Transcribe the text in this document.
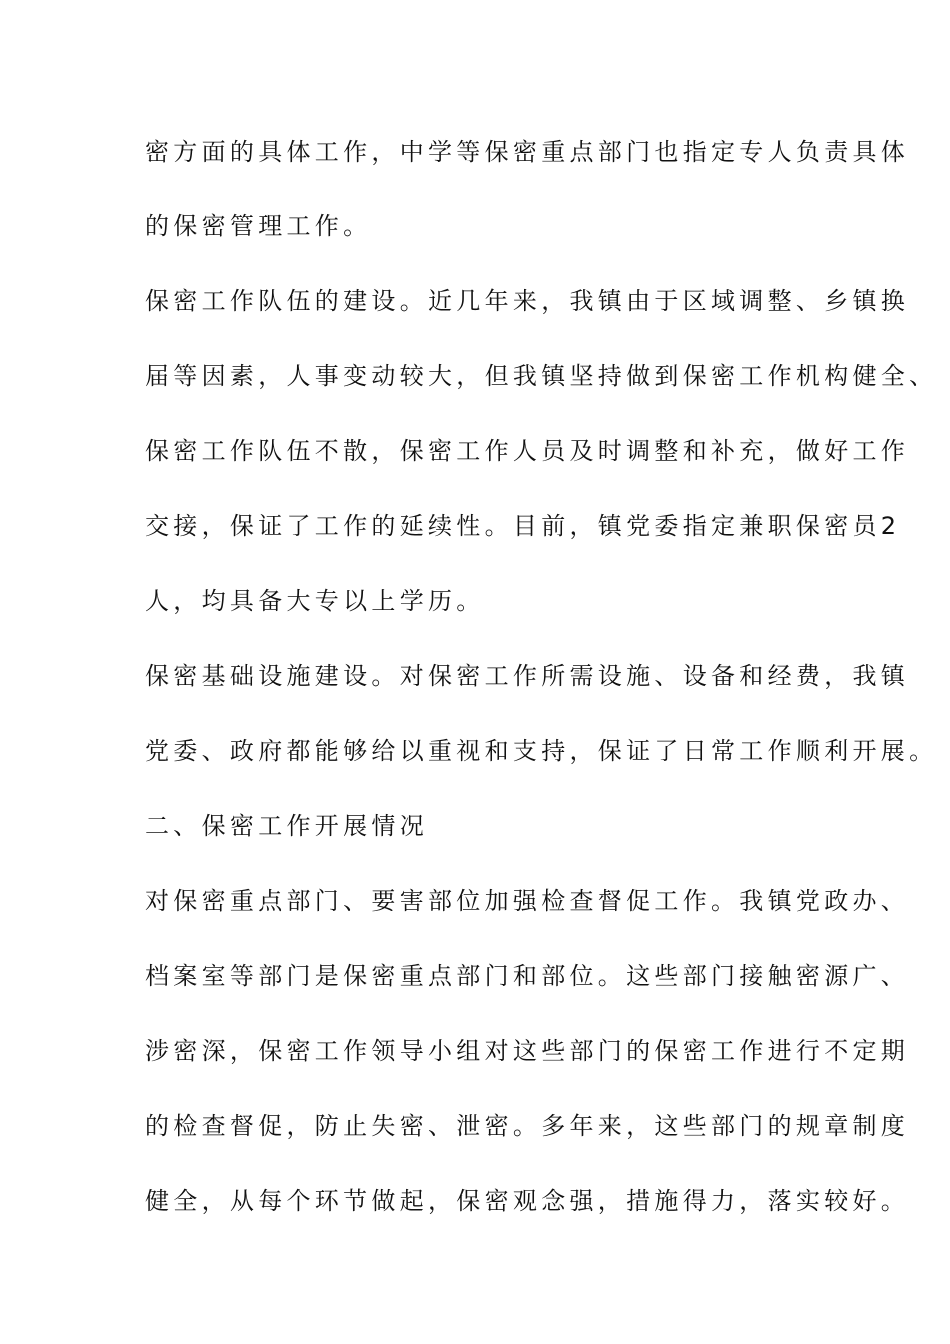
密方面的具体工作，中学等保密重点部门也指定专人负责具体
的保密管理工作。
保密工作队伍的建设。近几年来，我镇由于区域调整、乡镇换
届等因素，人事变动较大，但我镇坚持做到保密工作机构健全、
保密工作队伍不散，保密工作人员及时调整和补充，做好工作
交接，保证了工作的延续性。目前，镇党委指定兼职保密员2
人，均具备大专以上学历。
保密基础设施建设。对保密工作所需设施、设备和经费，我镇
党委、政府都能够给以重视和支持，保证了日常工作顺利开展。
二、保密工作开展情况
对保密重点部门、要害部位加强检查督促工作。我镇党政办、
档案室等部门是保密重点部门和部位。这些部门接触密源广、
涉密深，保密工作领导小组对这些部门的保密工作进行不定期
的检查督促，防止失密、泄密。多年来，这些部门的规章制度
健全，从每个环节做起，保密观念强，措施得力，落实较好。
